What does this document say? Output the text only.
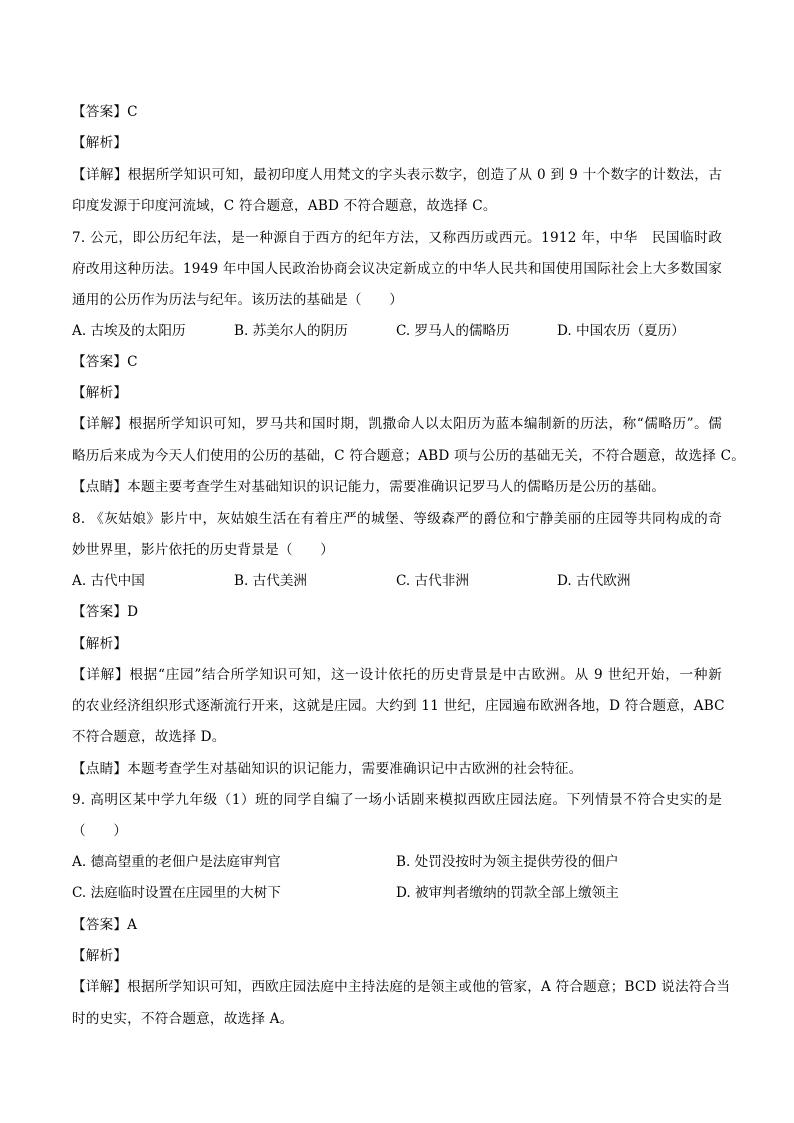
【答案】C
【解析】
【详解】根据所学知识可知，最初印度人用梵文的字头表示数字，创造了从 0 到 9 十个数字的计数法，古
印度发源于印度河流域，C 符合题意，ABD 不符合题意，故选择 C。
7. 公元，即公历纪年法，是一种源自于西方的纪年方法，又称西历或西元。1912 年，中华　民国临时政
府改用这种历法。1949 年中国人民政治协商会议决定新成立的中华人民共和国使用国际社会上大多数国家
通用的公历作为历法与纪年。该历法的基础是（　　）
A. 古埃及的太阳历	B. 苏美尔人的阴历	C. 罗马人的儒略历	D. 中国农历（夏历）
【答案】C
【解析】
【详解】根据所学知识可知，罗马共和国时期，凯撒命人以太阳历为蓝本编制新的历法，称“儒略历”。儒
略历后来成为今天人们使用的公历的基础，C 符合题意；ABD 项与公历的基础无关，不符合题意，故选择 C。
【点睛】本题主要考查学生对基础知识的识记能力，需要准确识记罗马人的儒略历是公历的基础。
8. 《灰姑娘》影片中，灰姑娘生活在有着庄严的城堡、等级森严的爵位和宁静美丽的庄园等共同构成的奇
妙世界里，影片依托的历史背景是（　　）
A. 古代中国	B. 古代美洲	C. 古代非洲	D. 古代欧洲
【答案】D
【解析】
【详解】根据“庄园”结合所学知识可知，这一设计依托的历史背景是中古欧洲。从 9 世纪开始，一种新
的农业经济组织形式逐渐流行开来，这就是庄园。大约到 11 世纪，庄园遍布欧洲各地，D 符合题意，ABC
不符合题意，故选择 D。
【点睛】本题考查学生对基础知识的识记能力，需要准确识记中古欧洲的社会特征。
9. 高明区某中学九年级（1）班的同学自编了一场小话剧来模拟西欧庄园法庭。下列情景不符合史实的是
（　　）
A. 德高望重的老佃户是法庭审判官	B. 处罚没按时为领主提供劳役的佃户
C. 法庭临时设置在庄园里的大树下	D. 被审判者缴纳的罚款全部上缴领主
【答案】A
【解析】
【详解】根据所学知识可知，西欧庄园法庭中主持法庭的是领主或他的管家，A 符合题意；BCD 说法符合当
时的史实，不符合题意，故选择 A。
